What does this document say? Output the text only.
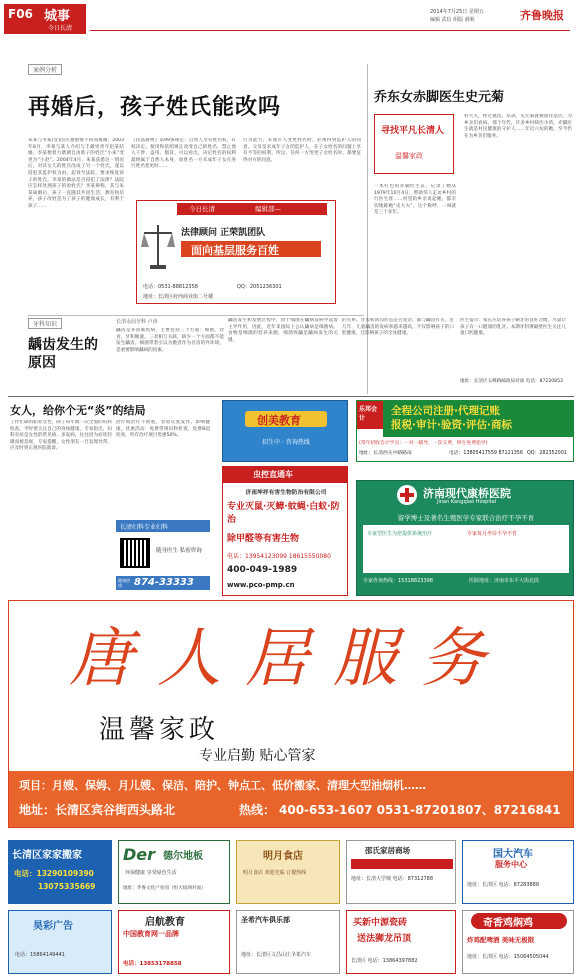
F06 城事
今日长清
2014年7月25日 星期五
编辑 武信 组版 郝莉	齐鲁晚报
案例分析
再婚后，孩子姓氏能改吗
朱某与李某(女)因夫妻感情不和而离婚，2003年8月，李某与某人介绍与丰雄男青年赵某结婚，李某便着力谐调自由新子的姓氏“小朱”变更为“小赵”。2004年4月，朱某获悉这一情况后，对其女儿的姓氏改成了另一个姓氏，遂以侵犯其监护权为由，起诉至法院，要求恢复孩子的姓氏。李某的做法是否侵犯了法律？法院应怎样处理孩子的原姓氏？李某辩称，其与朱某离婚后，孩子一直随其共同生活，教育和培养，孩子改姓是为了孩子的健康成长，有利于孩子……
《民法通则》第99条规定：自然人享有姓名权，有权决定、使用和依照规定改变自己的姓名，禁止他人干涉、盗用、假冒。可以看出，决定姓名的权利最终属于自然人本身，而姓名一方未成年子女在进行姓名变更时……
行为能力，未成年人变更姓名时，必须得到监护人的同意。父母是未成年子女的监护人，在子女姓名的问题上享有平等的权利。所以，任何一方变更子女姓名时，都要征得对方的同意。
今日长清	编辑部—
法律顾问 正荣凯团队
面向基层服务百姓
电话：0531-88812358	QQ：2051236301
地址：长清区府西商业街二号楼
乔东女赤脚医生史元菊
寻找平凡长清人
温馨家政
一本红色的赤脚医生证，记录了她从1979年10月4日，帮助邻人走访乡村的行医生涯……村里的乡亲说起她，都亲切地称她“史大夫”。这个称呼，一叫就是三十多年。
科大夫，经过挑选、培训，史元菊就被派往基层，为乡亲们看病。那个年代，许多乡村缺医少药，赤脚医生就是村民健康的守护人……年近六旬的她，至今仍在为乡亲们服务。
牙科知识
龋齿发生的原因
长清永固牙科 卢涛
龋齿是多因素疾病，主要包括三个方面：细菌，饮食，牙和唾液。三者相互关联，缺少一个方面都不能发生龋齿。细菌带着引以为傲者作为牙齿的外环境，是重要影响龋病的因素。
龋齿发生和发展过程中，由于细菌在龋病发病中起着主导作用，因此，近年来国际上公认龋病是细菌病。食物是细菌的营养来源，细菌致龋是龋病发生的关键。
的关系。牙齿和窝沟形态是否复杂，都与龋齿有关。近几年，儿童龋齿的发病率越来越高，不仅影响孩子的口腔健康，还影响孩子的全身健康。
医生提示：家长应培养孩子刷牙的良好习惯，尽量让孩子有一口健康的乳牙。本期牙科署隔壁医生关注儿童口腔健康。
地址：长清区五峰路邮政局对面 电话：87220853
女人，给你个无“炎”的结局
工作忙碌的职业女性，除了每年做一次全面的妇科检查，平时要关注自己的身体健康。专家指出，妇科炎症是女性的常见病、多发病，往往因为症状轻微而被忽视。专家提醒，女性朋友一旦发现异常，应及时到正规医院就诊。
治疗或治疗不彻底，容易反复发作，影响健康。优惠活动：免费常规妇科检查，免费B超检查，所有治疗项目优惠50%。
长清妇科专业妇科
随身医生 私密咨询
健康热线	874-33333
创美教育
招生中 · 咨询热线
乐邦会计
全程公司注册·代理记账
报税·审计·验资·评估·商标
(常年招收会计学员：一对一辅导，一次交费，终生免费指导)
电话：13805417559 87221356 QQ：282352001
地址：长清西关中路路南
虫控直通车
济南坤祥有害生物防治有限公司
专业灭鼠·灭蟑·蚊蝇·白蚁·防治
除甲醛等有害生物
电话：13954123099 18615550080
400-049-1989
www.pco-pmp.cn
济南现代康桥医院
Jinan Kangqiao Hospital
留学博士及著名生殖医学专家联合治疗不孕不育
专家型医生为您提供系统治疗	专家每月坐诊不孕不育
专家咨询热线：15318823398	医院地址：济南市东平大街北段
唐人居服务
温馨家政
专业启勤 贴心管家
项目：月嫂、保姆、月儿嫂、保洁、陪护、钟点工、低价搬家、清理大型油烟机……
地址：长清区宾谷街西头路北	热线： 400-653-1607 0531-87201807、87216841
长清区家家搬家
电话：13290109390
13075335669
Der 德尔地板
环保健康 享受绿色生活
地址：齐鲁文化产业园（恒大绿洲对面）
明月食店
明月食店 欢迎光临 订餐热线
邵氏家居商场
地址：长清大学城 电话：87312788
国大汽车
服务中心
地址：长清区 电话：87283888
昊彩广告
电话：15864149441
启航教育
中国教育网一品牌
电话：13853178858
圣希汽车俱乐部
地址：长清区文昌山庄圣希汽车
买新中源瓷砖
送法狮龙吊顶
长清区 电话：13864397882
奇香鸡焖鸡
炸鸡配啤酒 美味无极限
地址：长清区 电话：15064505044
